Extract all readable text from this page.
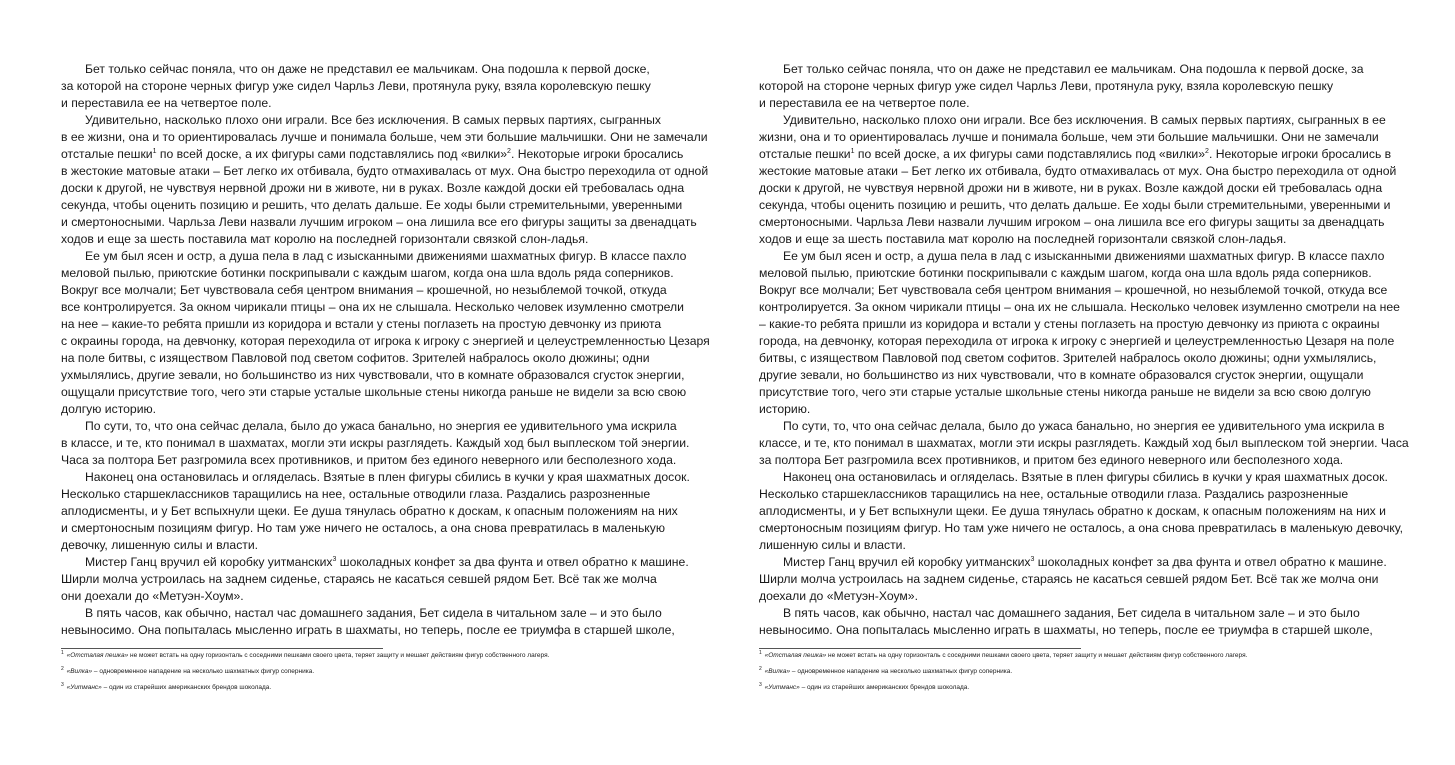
Бет только сейчас поняла, что он даже не представил ее мальчикам. Она подошла к первой доске,
за которой на стороне черных фигур уже сидел Чарльз Леви, протянула руку, взяла королевскую пешку
и переставила ее на четвертое поле.
Удивительно, насколько плохо они играли. Все без исключения. В самых первых партиях, сыгранных
в ее жизни, она и то ориентировалась лучше и понимала больше, чем эти большие мальчишки. Они не замечали
отсталые пешки$^1$ по всей доске, а их фигуры сами подставлялись под «вилки»$^2$. Некоторые игроки бросались
в жестокие матовые атаки – Бет легко их отбивала, будто отмахивалась от мух. Она быстро переходила от одной
доски к другой, не чувствуя нервной дрожи ни в животе, ни в руках. Возле каждой доски ей требовалась одна
секунда, чтобы оценить позицию и решить, что делать дальше. Ее ходы были стремительными, уверенными
и смертоносными. Чарльза Леви назвали лучшим игроком – она лишила все его фигуры защиты за двенадцать
ходов и еще за шесть поставила мат королю на последней горизонтали связкой слон-ладья.
Ее ум был ясен и остр, а душа пела в лад с изысканными движениями шахматных фигур. В классе пахло
меловой пылью, приютские ботинки поскрипывали с каждым шагом, когда она шла вдоль ряда соперников.
Вокруг все молчали; Бет чувствовала себя центром внимания – крошечной, но незыблемой точкой, откуда
все контролируется. За окном чирикали птицы – она их не слышала. Несколько человек изумленно смотрели
на нее – какие-то ребята пришли из коридора и встали у стены поглазеть на простую девчонку из приюта
с окраины города, на девчонку, которая переходила от игрока к игроку с энергией и целеустремленностью Цезаря
на поле битвы, с изяществом Павловой под светом софитов. Зрителей набралось около дюжины; одни
ухмылялись, другие зевали, но большинство из них чувствовали, что в комнате образовался сгусток энергии,
ощущали присутствие того, чего эти старые усталые школьные стены никогда раньше не видели за всю свою
долгую историю.
По сути, то, что она сейчас делала, было до ужаса банально, но энергия ее удивительного ума искрила
в классе, и те, кто понимал в шахматах, могли эти искры разглядеть. Каждый ход был выплеском той энергии.
Часа за полтора Бет разгромила всех противников, и притом без единого неверного или бесполезного хода.
Наконец она остановилась и огляделась. Взятые в плен фигуры сбились в кучки у края шахматных досок.
Несколько старшеклассников таращились на нее, остальные отводили глаза. Раздались разрозненные
аплодисменты, и у Бет вспыхнули щеки. Ее душа тянулась обратно к доскам, к опасным положениям на них
и смертоносным позициям фигур. Но там уже ничего не осталось, а она снова превратилась в маленькую
девочку, лишенную силы и власти.
Мистер Ганц вручил ей коробку уитманских$^3$ шоколадных конфет за два фунта и отвел обратно к машине.
Ширли молча устроилась на заднем сиденье, стараясь не касаться севшей рядом Бет. Всё так же молча
они доехали до «Метуэн-Хоум».
В пять часов, как обычно, настал час домашнего задания, Бет сидела в читальном зале – и это было
невыносимо. Она попыталась мысленно играть в шахматы, но теперь, после ее триумфа в старшей школе,
$^1$ «Отсталая пешка» не может встать на одну горизонталь с соседними пешками своего цвета, теряет защиту и мешает действиям фигур собственного лагеря.
$^2$ «Вилка» – одновременное нападение на несколько шахматных фигур соперника.
$^3$ «Уитманс» – один из старейших американских брендов шоколада.
Бет только сейчас поняла, что он даже не представил ее мальчикам. Она подошла к первой доске, за
которой на стороне черных фигур уже сидел Чарльз Леви, протянула руку, взяла королевскую пешку
и переставила ее на четвертое поле.
Удивительно, насколько плохо они играли. Все без исключения. В самых первых партиях, сыгранных в ее
жизни, она и то ориентировалась лучше и понимала больше, чем эти большие мальчишки. Они не замечали
отсталые пешки$^1$ по всей доске, а их фигуры сами подставлялись под «вилки»$^2$. Некоторые игроки бросались в
жестокие матовые атаки – Бет легко их отбивала, будто отмахивалась от мух. Она быстро переходила от одной
доски к другой, не чувствуя нервной дрожи ни в животе, ни в руках. Возле каждой доски ей требовалась одна
секунда, чтобы оценить позицию и решить, что делать дальше. Ее ходы были стремительными, уверенными и
смертоносными. Чарльза Леви назвали лучшим игроком – она лишила все его фигуры защиты за двенадцать
ходов и еще за шесть поставила мат королю на последней горизонтали связкой слон-ладья.
Ее ум был ясен и остр, а душа пела в лад с изысканными движениями шахматных фигур. В классе пахло
меловой пылью, приютские ботинки поскрипывали с каждым шагом, когда она шла вдоль ряда соперников.
Вокруг все молчали; Бет чувствовала себя центром внимания – крошечной, но незыблемой точкой, откуда все
контролируется. За окном чирикали птицы – она их не слышала. Несколько человек изумленно смотрели на нее
– какие-то ребята пришли из коридора и встали у стены поглазеть на простую девчонку из приюта с окраины
города, на девчонку, которая переходила от игрока к игроку с энергией и целеустремленностью Цезаря на поле
битвы, с изяществом Павловой под светом софитов. Зрителей набралось около дюжины; одни ухмылялись,
другие зевали, но большинство из них чувствовали, что в комнате образовался сгусток энергии, ощущали
присутствие того, чего эти старые усталые школьные стены никогда раньше не видели за всю свою долгую
историю.
По сути, то, что она сейчас делала, было до ужаса банально, но энергия ее удивительного ума искрила в
классе, и те, кто понимал в шахматах, могли эти искры разглядеть. Каждый ход был выплеском той энергии. Часа
за полтора Бет разгромила всех противников, и притом без единого неверного или бесполезного хода.
Наконец она остановилась и огляделась. Взятые в плен фигуры сбились в кучки у края шахматных досок.
Несколько старшеклассников таращились на нее, остальные отводили глаза. Раздались разрозненные
аплодисменты, и у Бет вспыхнули щеки. Ее душа тянулась обратно к доскам, к опасным положениям на них и
смертоносным позициям фигур. Но там уже ничего не осталось, а она снова превратилась в маленькую девочку,
лишенную силы и власти.
Мистер Ганц вручил ей коробку уитманских$^3$ шоколадных конфет за два фунта и отвел обратно к машине.
Ширли молча устроилась на заднем сиденье, стараясь не касаться севшей рядом Бет. Всё так же молча они
доехали до «Метуэн-Хоум».
В пять часов, как обычно, настал час домашнего задания, Бет сидела в читальном зале – и это было
невыносимо. Она попыталась мысленно играть в шахматы, но теперь, после ее триумфа в старшей школе,
$^1$ «Отсталая пешка» не может встать на одну горизонталь с соседними пешками своего цвета, теряет защиту и мешает действиям фигур собственного лагеря.
$^2$ «Вилка» – одновременное нападение на несколько шахматных фигур соперника.
$^3$ «Уитманс» – один из старейших американских брендов шоколада.
